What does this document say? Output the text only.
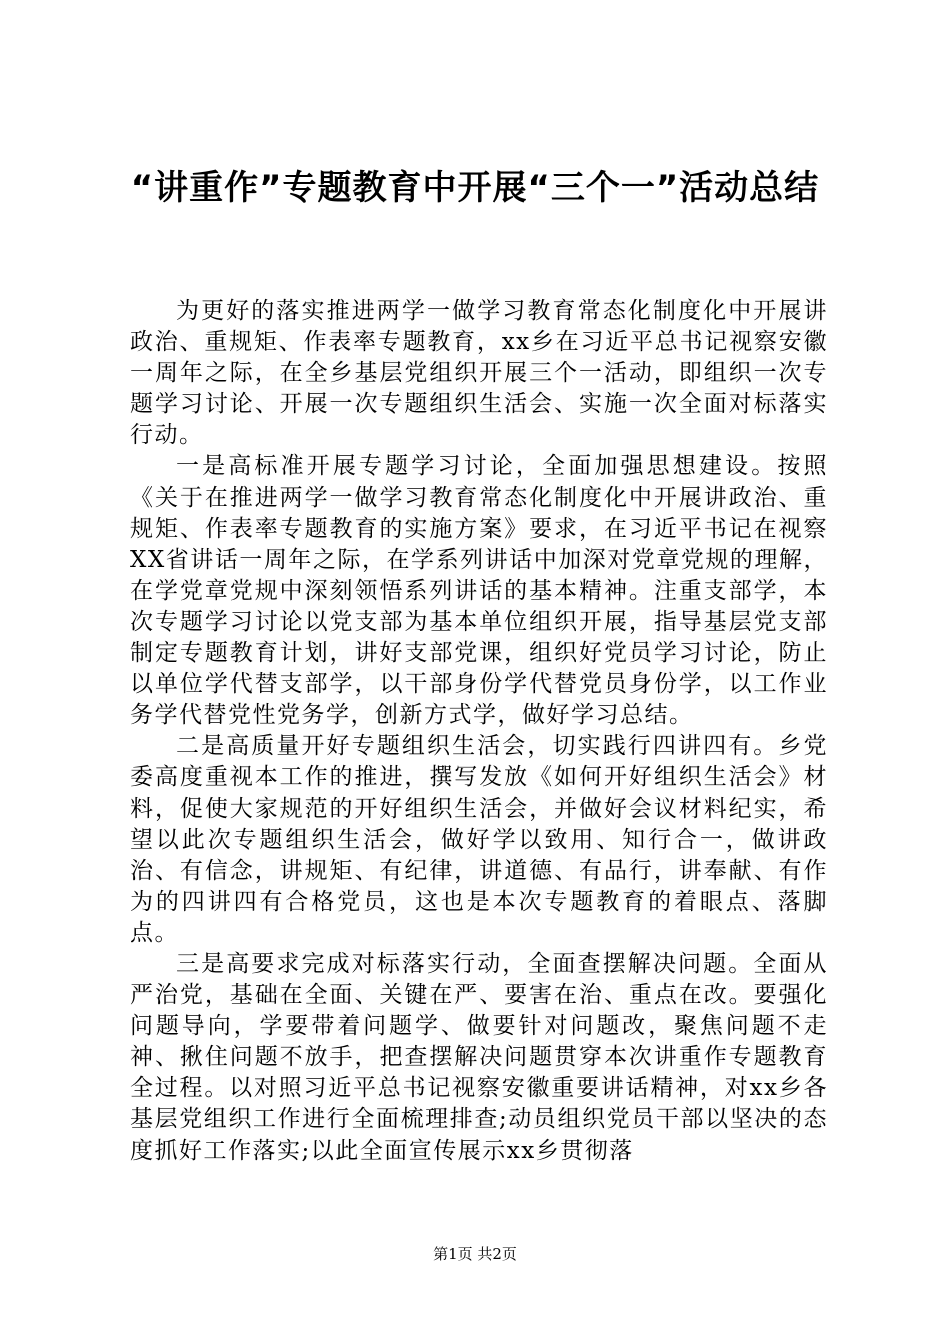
“讲重作”专题教育中开展“三个一”活动总结

为更好的落实推进两学一做学习教育常态化制度化中开展讲政治、重规矩、作表率专题教育，xx乡在习近平总书记视察安徽一周年之际，在全乡基层党组织开展三个一活动，即组织一次专题学习讨论、开展一次专题组织生活会、实施一次全面对标落实行动。

一是高标准开展专题学习讨论，全面加强思想建设。按照《关于在推进两学一做学习教育常态化制度化中开展讲政治、重规矩、作表率专题教育的实施方案》要求，在习近平书记在视察XX省讲话一周年之际，在学系列讲话中加深对党章党规的理解，在学党章党规中深刻领悟系列讲话的基本精神。注重支部学，本次专题学习讨论以党支部为基本单位组织开展，指导基层党支部制定专题教育计划，讲好支部党课，组织好党员学习讨论，防止以单位学代替支部学，以干部身份学代替党员身份学，以工作业务学代替党性党务学，创新方式学，做好学习总结。

二是高质量开好专题组织生活会，切实践行四讲四有。乡党委高度重视本工作的推进，撰写发放《如何开好组织生活会》材料，促使大家规范的开好组织生活会，并做好会议材料纪实，希望以此次专题组织生活会，做好学以致用、知行合一，做讲政治、有信念，讲规矩、有纪律，讲道德、有品行，讲奉献、有作为的四讲四有合格党员，这也是本次专题教育的着眼点、落脚点。

三是高要求完成对标落实行动，全面查摆解决问题。全面从严治党，基础在全面、关键在严、要害在治、重点在改。要强化问题导向，学要带着问题学、做要针对问题改，聚焦问题不走神、揪住问题不放手，把查摆解决问题贯穿本次讲重作专题教育全过程。以对照习近平总书记视察安徽重要讲话精神，对xx乡各基层党组织工作进行全面梳理排查;动员组织党员干部以坚决的态度抓好工作落实;以此全面宣传展示xx乡贯彻落

第1页 共2页
